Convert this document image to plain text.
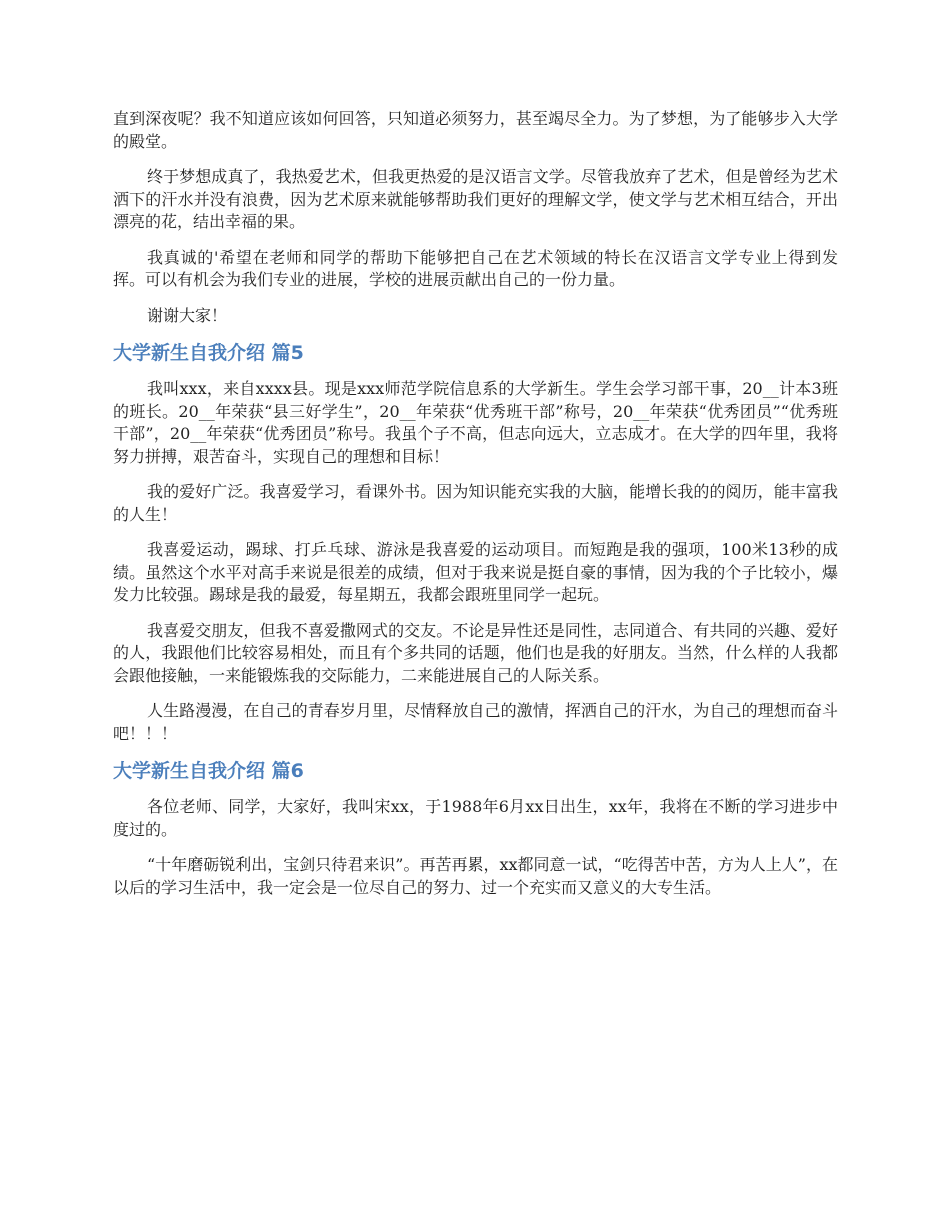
直到深夜呢？我不知道应该如何回答，只知道必须努力，甚至竭尽全力。为了梦想，为了能够步入大学的殿堂。

终于梦想成真了，我热爱艺术，但我更热爱的是汉语言文学。尽管我放弃了艺术，但是曾经为艺术洒下的汗水并没有浪费，因为艺术原来就能够帮助我们更好的理解文学，使文学与艺术相互结合，开出漂亮的花，结出幸福的果。

我真诚的'希望在老师和同学的帮助下能够把自己在艺术领域的特长在汉语言文学专业上得到发挥。可以有机会为我们专业的进展，学校的进展贡献出自己的一份力量。

谢谢大家！

大学新生自我介绍 篇5

我叫xxx，来自xxxx县。现是xxx师范学院信息系的大学新生。学生会学习部干事，20__计本3班的班长。20__年荣获“县三好学生”，20__年荣获“优秀班干部”称号，20__年荣获“优秀团员”“优秀班干部”，20__年荣获“优秀团员”称号。我虽个子不高，但志向远大，立志成才。在大学的四年里，我将努力拼搏，艰苦奋斗，实现自己的理想和目标！

我的爱好广泛。我喜爱学习，看课外书。因为知识能充实我的大脑，能增长我的的阅历，能丰富我的人生！

我喜爱运动，踢球、打乒乓球、游泳是我喜爱的运动项目。而短跑是我的强项，100米13秒的成绩。虽然这个水平对高手来说是很差的成绩，但对于我来说是挺自豪的事情，因为我的个子比较小，爆发力比较强。踢球是我的最爱，每星期五，我都会跟班里同学一起玩。

我喜爱交朋友，但我不喜爱撒网式的交友。不论是异性还是同性，志同道合、有共同的兴趣、爱好的人，我跟他们比较容易相处，而且有个多共同的话题，他们也是我的好朋友。当然，什么样的人我都会跟他接触，一来能锻炼我的交际能力，二来能进展自己的人际关系。

人生路漫漫，在自己的青春岁月里，尽情释放自己的激情，挥洒自己的汗水，为自己的理想而奋斗吧！！！

大学新生自我介绍 篇6

各位老师、同学，大家好，我叫宋xx，于1988年6月xx日出生，xx年，我将在不断的学习进步中度过的。

“十年磨砺锐利出，宝剑只待君来识”。再苦再累，xx都同意一试，“吃得苦中苦，方为人上人”，在以后的学习生活中，我一定会是一位尽自己的努力、过一个充实而又意义的大专生活。
